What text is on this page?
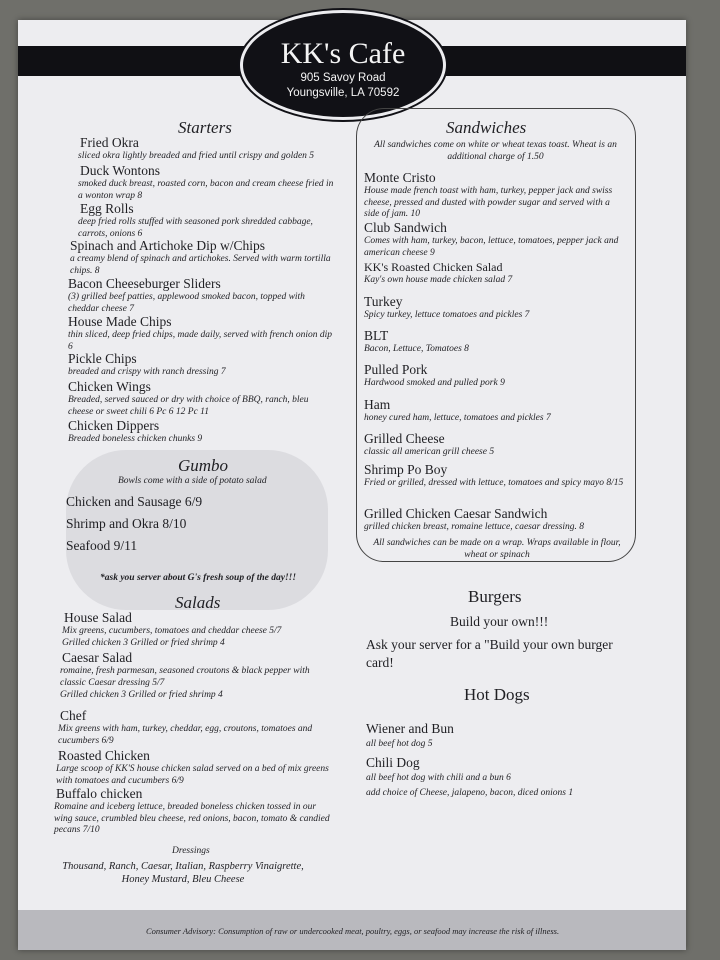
KK's Cafe
905 Savoy Road
Youngsville, LA 70592
Starters
Fried Okra
sliced okra lightly breaded and fried until crispy and golden 5
Duck Wontons
smoked duck breast, roasted corn, bacon and cream cheese fried in a wonton wrap 8
Egg Rolls
deep fried rolls stuffed with seasoned pork shredded cabbage, carrots, onions 6
Spinach and Artichoke Dip w/Chips
a creamy blend of spinach and artichokes. Served with warm tortilla chips. 8
Bacon Cheeseburger Sliders
(3) grilled beef patties, applewood smoked bacon, topped with cheddar cheese 7
House Made Chips
thin sliced, deep fried chips, made daily, served with french onion dip 6
Pickle Chips
breaded and crispy with ranch dressing 7
Chicken Wings
Breaded, served sauced or dry with choice of BBQ, ranch, bleu cheese or sweet chili 6 Pc 6 12 Pc 11
Chicken Dippers
Breaded boneless chicken chunks 9
Gumbo
Bowls come with a side of potato salad
Chicken and Sausage 6/9
Shrimp and Okra 8/10
Seafood 9/11
*ask you server about G's fresh soup of the day!!!
Salads
House Salad
Mix greens, cucumbers, tomatoes and cheddar cheese 5/7
Grilled chicken 3 Grilled or fried shrimp 4
Caesar Salad
romaine, fresh parmesan, seasoned croutons & black pepper with classic Caesar dressing 5/7
Grilled chicken 3 Grilled or fried shrimp 4
Chef
Mix greens with ham, turkey, cheddar, egg, croutons, tomatoes and cucumbers 6/9
Roasted Chicken
Large scoop of KK'S house chicken salad served on a bed of mix greens with tomatoes and cucumbers 6/9
Buffalo chicken
Romaine and iceberg lettuce, breaded boneless chicken tossed in our wing sauce, crumbled bleu cheese, red onions, bacon, tomato & candied pecans 7/10
Dressings
Thousand, Ranch, Caesar, Italian, Raspberry Vinaigrette, Honey Mustard, Bleu Cheese
Sandwiches
All sandwiches come on white or wheat texas toast. Wheat is an additional charge of 1.50
Monte Cristo
House made french toast with ham, turkey, pepper jack and swiss cheese, pressed and dusted with powder sugar and served with a side of jam. 10
Club Sandwich
Comes with ham, turkey, bacon, lettuce, tomatoes, pepper jack and american cheese 9
KK's Roasted Chicken Salad
Kay's own house made chicken salad 7
Turkey
Spicy turkey, lettuce tomatoes and pickles 7
BLT
Bacon, Lettuce, Tomatoes 8
Pulled Pork
Hardwood smoked and pulled pork 9
Ham
honey cured ham, lettuce, tomatoes and pickles 7
Grilled Cheese
classic all american grill cheese 5
Shrimp Po Boy
Fried or grilled, dressed with lettuce, tomatoes and spicy mayo 8/15
Grilled Chicken Caesar Sandwich
grilled chicken breast, romaine lettuce, caesar dressing. 8
All sandwiches can be made on a wrap. Wraps available in flour, wheat or spinach
Burgers
Build your own!!!
Ask your server for a "Build your own burger card!
Hot Dogs
Wiener and Bun
all beef hot dog 5
Chili Dog
all beef hot dog with chili and a bun 6
add choice of Cheese, jalapeno, bacon, diced onions 1
Consumer Advisory: Consumption of raw or undercooked meat, poultry, eggs, or seafood may increase the risk of illness.
